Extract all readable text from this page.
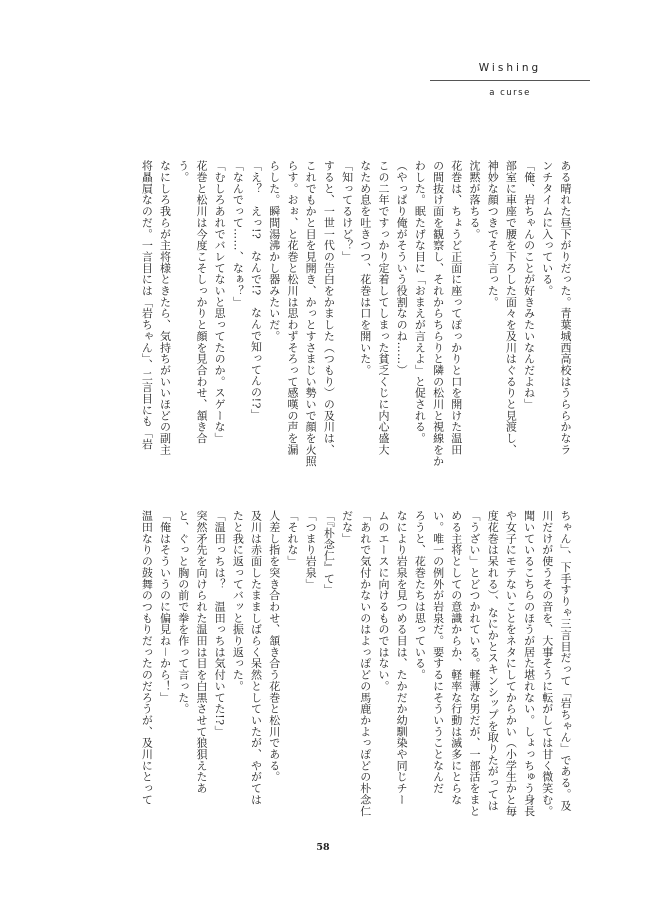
Wishing
a curse
ある晴れた昼下がりだった。青葉城西高校はうららかなラ
ンチタイムに入っている。
「俺、岩ちゃんのことが好きみたいなんだよね」
部室に車座で腰を下ろした面々を及川はぐるりと見渡し、
神妙な顔つきでそう言った。
沈黙が落ちる。
花巻は、ちょうど正面に座ってぽっかりと口を開けた温田
の間抜け面を観察し、それからちらりと隣の松川と視線をか
わした。眠たげな目に「おまえが言えよ」と促される。
（やっぱり俺がそういう役割なのね……）
この二年ですっかり定着してしまった貧乏くじに内心盛大
なため息を吐きつつ、花巻は口を開いた。
「知ってるけど？」
すると、一世一代の告白をかました（つもり）の及川は、
これでもかと目を見開き、かっとすさまじい勢いで顔を火照
らす。おぉ、と花巻と松川は思わずそろって感嘆の声を漏
らした。瞬間湯沸かし器みたいだ。
「え？　えっ!?　なんで!?　なんで知ってんの!?」
「なんでって……、なぁ？」
「むしろあれでバレてないと思ってたのか。スゲーな」
花巻と松川は今度こそしっかりと顔を見合わせ、頷き合
う。
なにしろ我らが主将様ときたら、気持ちがいいほどの副主
将贔屓なのだ。一言目には「岩ちゃん」、二言目にも「岩
ちゃん」、下手すりゃ三言目だって「岩ちゃん」である。及
川だけが使うその音を、大事そうに転がしては甘く微笑む。
聞いているこちらのほうが居た堪れない。しょっちゅう身長
や女子にモテないことをネタにしてからかい（小学生かと毎
度花巻は呆れる）、なにかとスキンシップを取りたがっては
「うざい」とどつかれている。軽薄な男だが、一部活をまと
める主将としての意識からか、軽率な行動は滅多にとらな
い。唯一の例外が岩泉だ。要するにそういうことなんだ
ろうと、花巻たちは思っている。
なにより岩泉を見つめる目は、たかだか幼馴染や同じチー
ムのエースに向けるものではない。
「あれで気付かないのはよっぽどの馬鹿かよっぽどの朴念仁
だな」
「『朴念仁』て」
「つまり岩泉」
「それな」
人差し指を突き合わせ、頷き合う花巻と松川である。
及川は赤面したまましばらく呆然としていたが、やがては
たと我に返ってバッと振り返った。
「温田っちは？　温田っちは気付いてた!?」
突然矛先を向けられた温田は目を白黒させて狼狽えたあ
と、ぐっと胸の前で拳を作って言った。
「俺はそういうのに偏見ね－から！」
温田なりの鼓舞のつもりだったのだろうが、及川にとって
58
